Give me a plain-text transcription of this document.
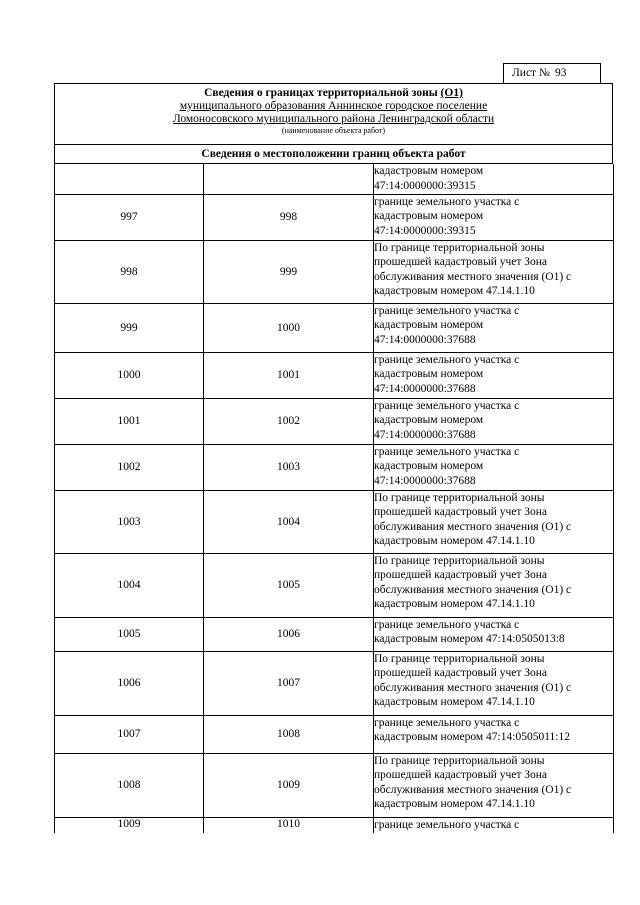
Лист № 93
Сведения о границах территориальной зоны (О1)
муниципального образования Аннинское городское поселение
Ломоносовского муниципального района Ленинградской области
(наименование объекта работ)
Сведения о местоположении границ объекта работ

		кадастровым номером
47:14:0000000:39315

997	998	границе земельного участка с
кадастровым номером
47:14:0000000:39315

998	999	По границе территориальной зоны
прошедшей кадастровый учет Зона
обслуживания местного значения (О1) с
кадастровым номером 47.14.1.10

999	1000	границе земельного участка с
кадастровым номером
47:14:0000000:37688

1000	1001	границе земельного участка с
кадастровым номером
47:14:0000000:37688

1001	1002	границе земельного участка с
кадастровым номером
47:14:0000000:37688

1002	1003	границе земельного участка с
кадастровым номером
47:14:0000000:37688

1003	1004	По границе территориальной зоны
прошедшей кадастровый учет Зона
обслуживания местного значения (О1) с
кадастровым номером 47.14.1.10

1004	1005	По границе территориальной зоны
прошедшей кадастровый учет Зона
обслуживания местного значения (О1) с
кадастровым номером 47.14.1.10

1005	1006	границе земельного участка с
кадастровым номером 47:14:0505013:8

1006	1007	По границе территориальной зоны
прошедшей кадастровый учет Зона
обслуживания местного значения (О1) с
кадастровым номером 47.14.1.10

1007	1008	границе земельного участка с
кадастровым номером 47:14:0505011:12

1008	1009	По границе территориальной зоны
прошедшей кадастровый учет Зона
обслуживания местного значения (О1) с
кадастровым номером 47.14.1.10

1009	1010	границе земельного участка с
